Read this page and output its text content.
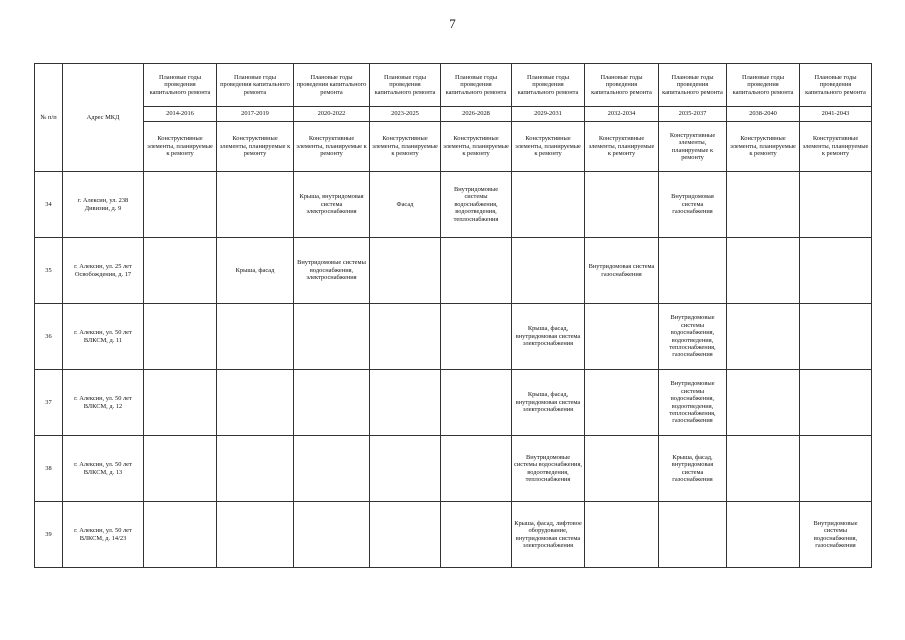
7
№ п/п	Адрес МКД	Плановые годы проведения капитального ремонта	Плановые годы проведения капитального ремонта	Плановые годы проведения капитального ремонта	Плановые годы проведения капитального ремонта	Плановые годы проведения капитального ремонта	Плановые годы проведения капитального ремонта	Плановые годы проведения капитального ремонта	Плановые годы проведения капитального ремонта	Плановые годы проведения капитального ремонта	Плановые годы проведения капитального ремонта
		2014-2016	2017-2019	2020-2022	2023-2025	2026-2028	2029-2031	2032-2034	2035-2037	2038-2040	2041-2043
		Конструктивные элементы, планируемые к ремонту	Конструктивные элементы, планируемые к ремонту	Конструктивные элементы, планируемые к ремонту	Конструктивные элементы, планируемые к ремонту	Конструктивные элементы, планируемые к ремонту	Конструктивные элементы, планируемые к ремонту	Конструктивные элементы, планируемые к ремонту	Конструктивные элементы, планируемые к ремонту	Конструктивные элементы, планируемые к ремонту	Конструктивные элементы, планируемые к ремонту
34	г. Алексин, ул. 238 Дивизии, д. 9			Крыша, внутридомовая система электроснабжения	Фасад	Внутридомовые системы водоснабжения, водоотведения, теплоснабжения			Внутридомовая система газоснабжения		
35	г. Алексин, ул. 25 лет Освобождения, д. 17		Крыша, фасад	Внутридомовые системы водоснабжения, электроснабжения				Внутридомовая система газоснабжения			
36	г. Алексин, ул. 50 лет ВЛКСМ, д. 11						Крыша, фасад, внутридомовая система электроснабжения		Внутридомовые системы водоснабжения, водоотведения, теплоснабжения, газоснабжения		
37	г. Алексин, ул. 50 лет ВЛКСМ, д. 12						Крыша, фасад, внутридомовая система электроснабжения		Внутридомовые системы водоснабжения, водоотведения, теплоснабжения, газоснабжения		
38	г. Алексин, ул. 50 лет ВЛКСМ, д. 13						Внутридомовые системы водоснабжения, водоотведения, теплоснабжения		Крыша, фасад, внутридомовая система газоснабжения		
39	г. Алексин, ул. 50 лет ВЛКСМ, д. 14/23						Крыша, фасад, лифтовое оборудование, внутридомовая система электроснабжения				Внутридомовые системы водоснабжения, газоснабжения
